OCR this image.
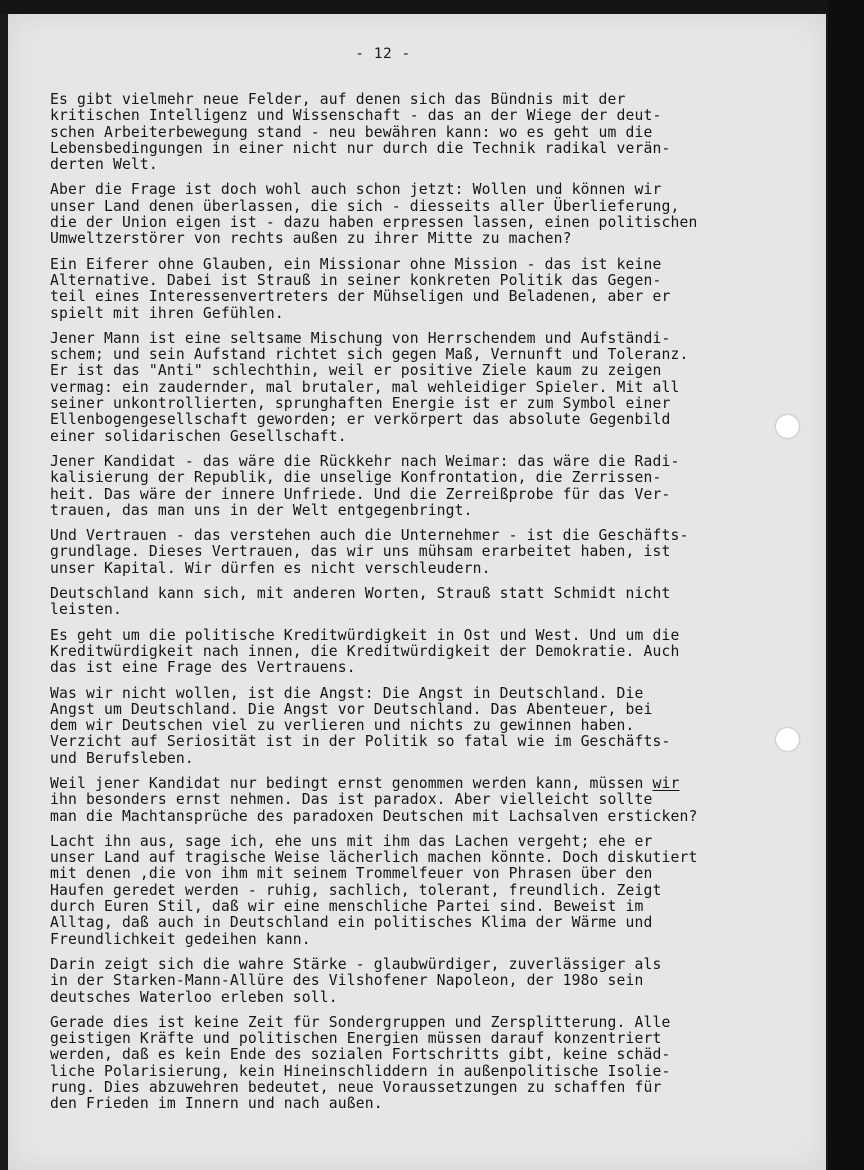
- 12 -
Es gibt vielmehr neue Felder, auf denen sich das Bündnis mit der
kritischen Intelligenz und Wissenschaft - das an der Wiege der deut-
schen Arbeiterbewegung stand - neu bewähren kann: wo es geht um die
Lebensbedingungen in einer nicht nur durch die Technik radikal verän-
derten Welt.
Aber die Frage ist doch wohl auch schon jetzt: Wollen und können wir
unser Land denen überlassen, die sich - diesseits aller Überlieferung,
die der Union eigen ist - dazu haben erpressen lassen, einen politischen
Umweltzerstörer von rechts außen zu ihrer Mitte zu machen?
Ein Eiferer ohne Glauben, ein Missionar ohne Mission - das ist keine
Alternative. Dabei ist Strauß in seiner konkreten Politik das Gegen-
teil eines Interessenvertreters der Mühseligen und Beladenen, aber er
spielt mit ihren Gefühlen.
Jener Mann ist eine seltsame Mischung von Herrschendem und Aufständi-
schem; und sein Aufstand richtet sich gegen Maß, Vernunft und Toleranz.
Er ist das "Anti" schlechthin, weil er positive Ziele kaum zu zeigen
vermag: ein zaudernder, mal brutaler, mal wehleidiger Spieler. Mit all
seiner unkontrollierten, sprunghaften Energie ist er zum Symbol einer
Ellenbogengesellschaft geworden; er verkörpert das absolute Gegenbild
einer solidarischen Gesellschaft.
Jener Kandidat - das wäre die Rückkehr nach Weimar: das wäre die Radi-
kalisierung der Republik, die unselige Konfrontation, die Zerrissen-
heit. Das wäre der innere Unfriede. Und die Zerreißprobe für das Ver-
trauen, das man uns in der Welt entgegenbringt.
Und Vertrauen - das verstehen auch die Unternehmer - ist die Geschäfts-
grundlage. Dieses Vertrauen, das wir uns mühsam erarbeitet haben, ist
unser Kapital. Wir dürfen es nicht verschleudern.
Deutschland kann sich, mit anderen Worten, Strauß statt Schmidt nicht
leisten.
Es geht um die politische Kreditwürdigkeit in Ost und West. Und um die
Kreditwürdigkeit nach innen, die Kreditwürdigkeit der Demokratie. Auch
das ist eine Frage des Vertrauens.
Was wir nicht wollen, ist die Angst: Die Angst in Deutschland. Die
Angst um Deutschland. Die Angst vor Deutschland. Das Abenteuer, bei
dem wir Deutschen viel zu verlieren und nichts zu gewinnen haben.
Verzicht auf Seriosität ist in der Politik so fatal wie im Geschäfts-
und Berufsleben.
Weil jener Kandidat nur bedingt ernst genommen werden kann, müssen wir
ihn besonders ernst nehmen. Das ist paradox. Aber vielleicht sollte
man die Machtansprüche des paradoxen Deutschen mit Lachsalven ersticken?
Lacht ihn aus, sage ich, ehe uns mit ihm das Lachen vergeht; ehe er
unser Land auf tragische Weise lächerlich machen könnte. Doch diskutiert
mit denen ,die von ihm mit seinem Trommelfeuer von Phrasen über den
Haufen geredet werden - ruhig, sachlich, tolerant, freundlich. Zeigt
durch Euren Stil, daß wir eine menschliche Partei sind. Beweist im
Alltag, daß auch in Deutschland ein politisches Klima der Wärme und
Freundlichkeit gedeihen kann.
Darin zeigt sich die wahre Stärke - glaubwürdiger, zuverlässiger als
in der Starken-Mann-Allüre des Vilshofener Napoleon, der 198o sein
deutsches Waterloo erleben soll.
Gerade dies ist keine Zeit für Sondergruppen und Zersplitterung. Alle
geistigen Kräfte und politischen Energien müssen darauf konzentriert
werden, daß es kein Ende des sozialen Fortschritts gibt, keine schäd-
liche Polarisierung, kein Hineinschliddern in außenpolitische Isolie-
rung. Dies abzuwehren bedeutet, neue Voraussetzungen zu schaffen für
den Frieden im Innern und nach außen.
